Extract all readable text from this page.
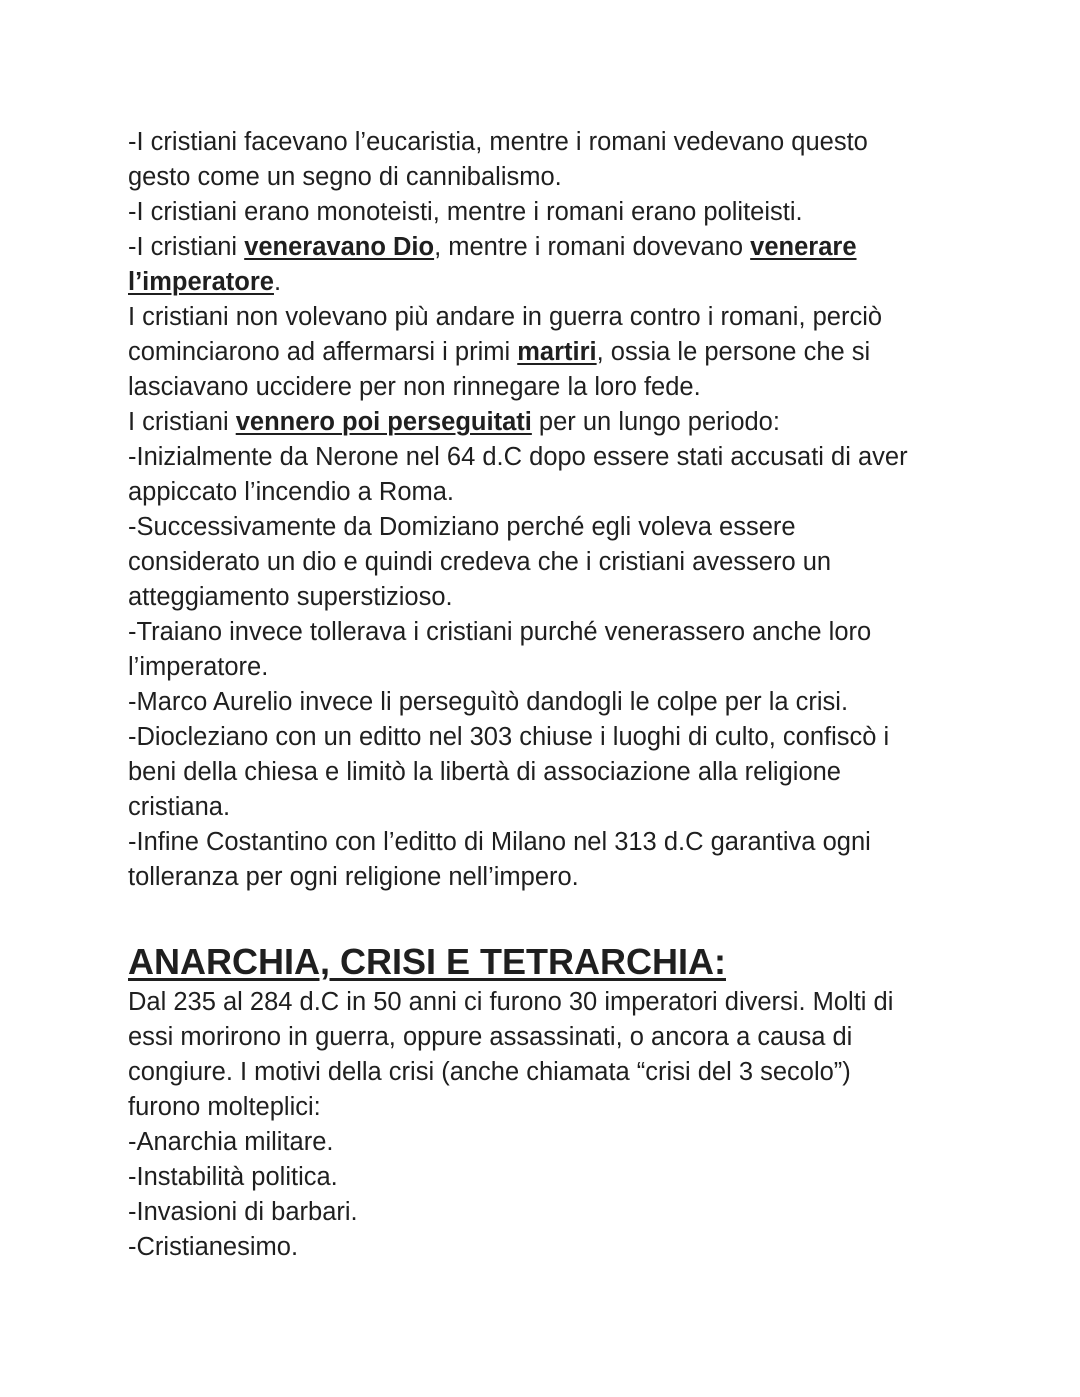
-I cristiani facevano l’eucaristia, mentre i romani vedevano questo
gesto come un segno di cannibalismo.
-I cristiani erano monoteisti, mentre i romani erano politeisti.
-I cristiani veneravano Dio, mentre i romani dovevano venerare
l’imperatore.
I cristiani non volevano più andare in guerra contro i romani, perciò
cominciarono ad affermarsi i primi martiri, ossia le persone che si
lasciavano uccidere per non rinnegare la loro fede.
I cristiani vennero poi perseguitati per un lungo periodo:
-Inizialmente da Nerone nel 64 d.C dopo essere stati accusati di aver
appiccato l’incendio a Roma.
-Successivamente da Domiziano perché egli voleva essere
considerato un dio e quindi credeva che i cristiani avessero un
atteggiamento superstizioso.
-Traiano invece tollerava i cristiani purché venerassero anche loro
l’imperatore.
-Marco Aurelio invece li perseguìtò dandogli le colpe per la crisi.
-Diocleziano con un editto nel 303 chiuse i luoghi di culto, confiscò i
beni della chiesa e limitò la libertà di associazione alla religione
cristiana.
-Infine Costantino con l’editto di Milano nel 313 d.C garantiva ogni
tolleranza per ogni religione nell’impero.
ANARCHIA, CRISI E TETRARCHIA:
Dal 235 al 284 d.C in 50 anni ci furono 30 imperatori diversi. Molti di
essi morirono in guerra, oppure assassinati, o ancora a causa di
congiure. I motivi della crisi (anche chiamata “crisi del 3 secolo”)
furono molteplici:
-Anarchia militare.
-Instabilità politica.
-Invasioni di barbari.
-Cristianesimo.
